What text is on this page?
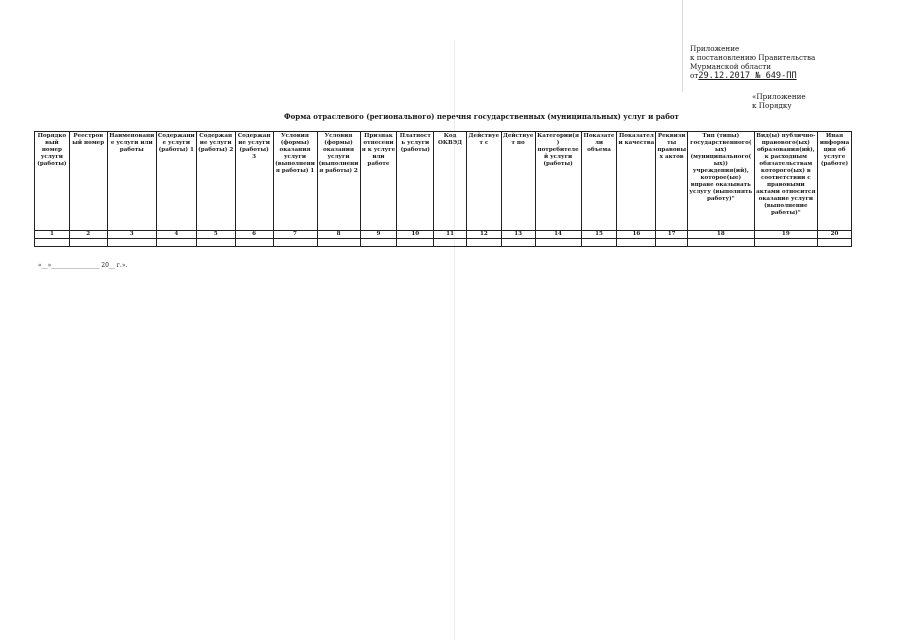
Приложение
к постановлению Правительства
Мурманской области
от29.12.2017 № 649-ПП
«Приложение
к Порядку
Форма отраслевого (регионального) перечня государственных (муниципальных) услуг и работ
Порядковый номер услуги (работы)	Реестровый номер	Наименование услуги или работы	Содержание услуги (работы) 1	Содержание услуги (работы) 2	Содержание услуги (работы) 3	Условия (формы) оказания услуги (выполнения работы) 1	Условия (формы) оказания услуги (выполнения работы) 2	Признак отнесения к услуге или работе	Платность услуги (работы)	Код ОКВЭД	Действует с	Действует по	Категории(я) потребителей услуги (работы)	Показатели объема	Показатели качества	Реквизиты правовых актов	Тип (типы) государственного(ых) (муниципального(ых)) учреждения(ий), которое(ые) вправе оказывать услугу (выполнять работу)"	Вид(ы) публично-правового(ых) образования(ий), к расходным обязательствам которого(ых) в соответствии с правовыми актами относится оказание услуги (выполнение работы)"	Иная информация об услуге (работе)
1	2	3	4	5	6	7	8	9	10	11	12	13	14	15	16	17	18	19	20

«__»________________ 20__ г.».
